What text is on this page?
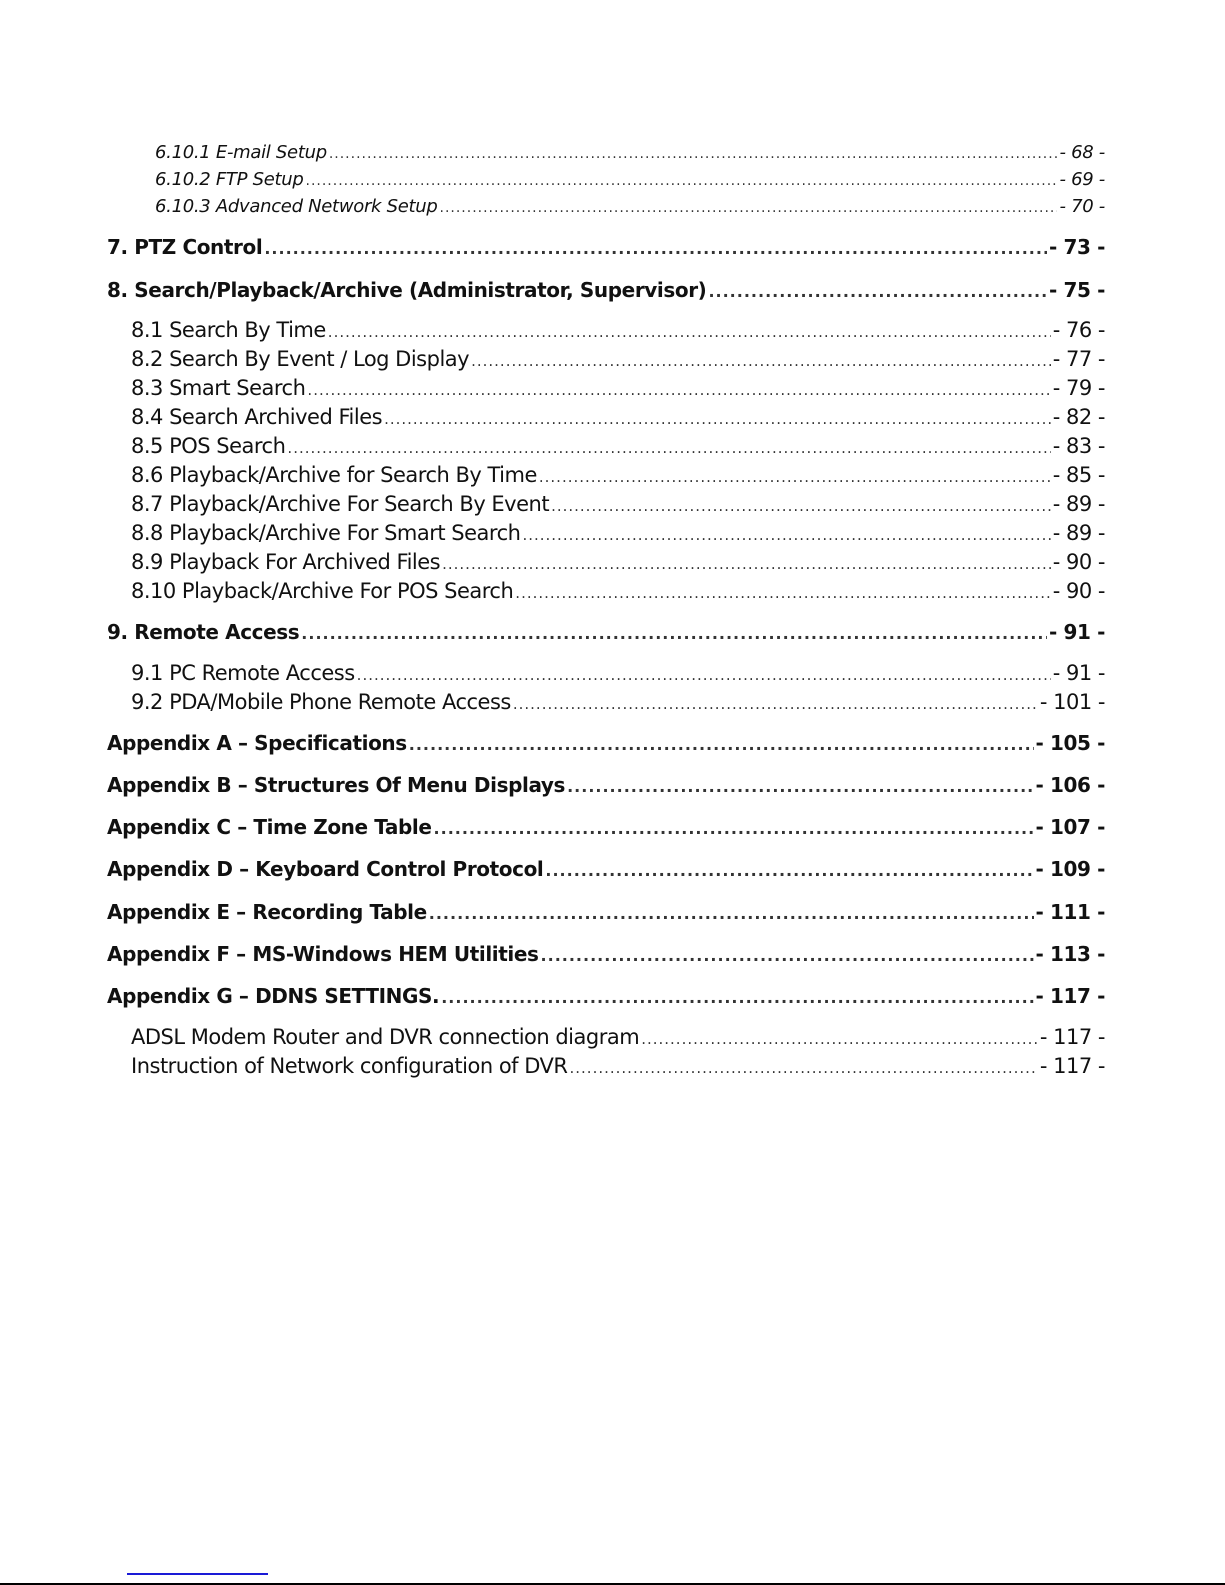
6.10.1 E-mail Setup .....	- 68 -
6.10.2 FTP Setup .....	- 69 -
6.10.3 Advanced Network Setup .....	- 70 -
7. PTZ Control .....	- 73 -
8. Search/Playback/Archive (Administrator, Supervisor) .....	- 75 -
8.1 Search By Time .....	- 76 -
8.2 Search By Event / Log Display .....	- 77 -
8.3 Smart Search .....	- 79 -
8.4 Search Archived Files .....	- 82 -
8.5 POS Search .....	- 83 -
8.6 Playback/Archive for Search By Time .....	- 85 -
8.7 Playback/Archive For Search By Event .....	- 89 -
8.8 Playback/Archive For Smart Search .....	- 89 -
8.9 Playback For Archived Files .....	- 90 -
8.10 Playback/Archive For POS Search .....	- 90 -
9. Remote Access .....	- 91 -
9.1 PC Remote Access .....	- 91 -
9.2 PDA/Mobile Phone Remote Access .....	- 101 -
Appendix A – Specifications .....	- 105 -
Appendix B – Structures Of Menu Displays .....	- 106 -
Appendix C – Time Zone Table .....	- 107 -
Appendix D – Keyboard Control Protocol .....	- 109 -
Appendix E – Recording Table .....	- 111 -
Appendix F – MS-Windows HEM Utilities .....	- 113 -
Appendix G – DDNS SETTINGS. .....	- 117 -
ADSL Modem Router and DVR connection diagram .....	- 117 -
Instruction of Network configuration of DVR .....	- 117 -
